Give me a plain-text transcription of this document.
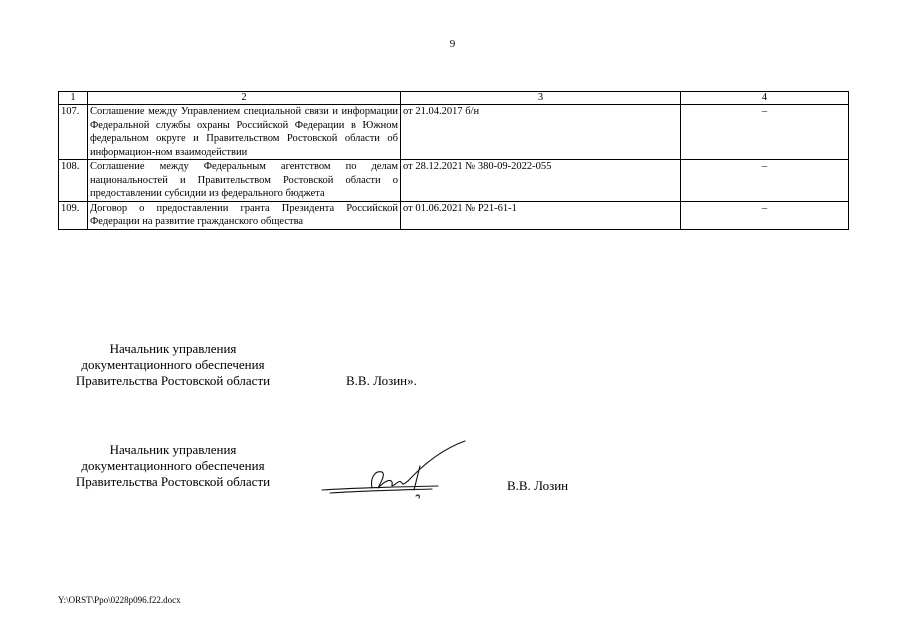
9
1	2	3	4
107.	Соглашение между Управлением специальной связи и информации Федеральной службы охраны Российской Федерации в Южном федеральном округе и Правительством Ростовской области об информацион-ном взаимодействии	от 21.04.2017 б/н	–
108.	Соглашение между Федеральным агентством по делам национальностей и Правительством Ростовской области о предоставлении субсидии из федерального бюджета	от 28.12.2021 № 380-09-2022-055	–
109.	Договор о предоставлении гранта Президента Российской Федерации на развитие гражданского общества	от 01.06.2021 № Р21-61-1	–
Начальник управления
документационного обеспечения
Правительства Ростовской области	В.В. Лозин».
Начальник управления
документационного обеспечения
Правительства Ростовской области	В.В. Лозин
Y:\ORST\Ppo\0228p096.f22.docx
